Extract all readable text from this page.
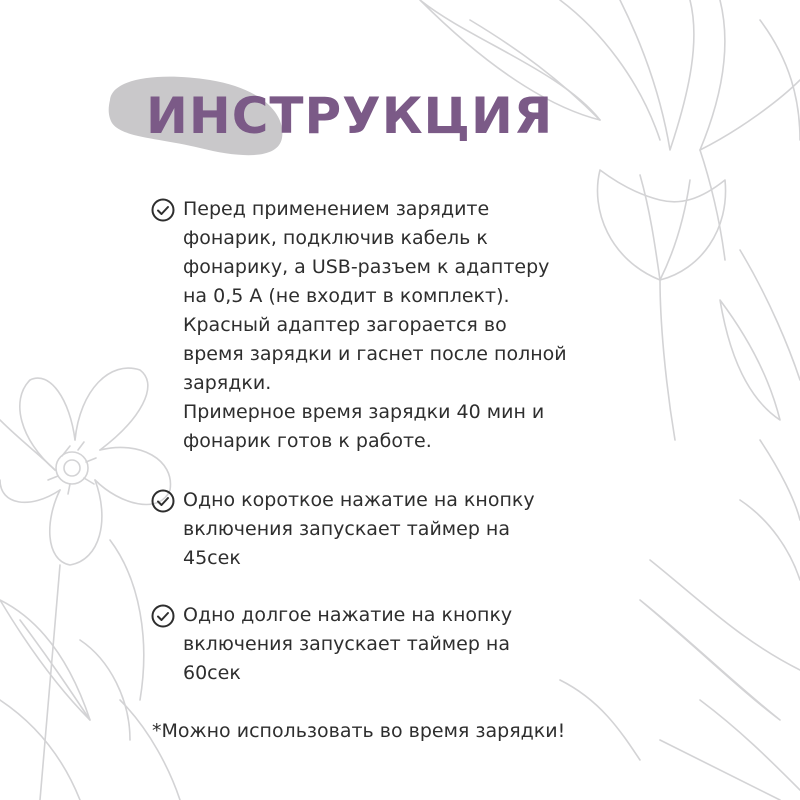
ИНСТРУКЦИЯ
Перед применением зарядите
фонарик, подключив кабель к
фонарику, а USB-разъем к адаптеру
на 0,5 А (не входит в комплект).
Красный адаптер загорается во
время зарядки и гаснет после полной
зарядки.
Примерное время зарядки 40 мин и
фонарик готов к работе.
Одно короткое нажатие на кнопку
включения запускает таймер на
45сек
Одно долгое нажатие на кнопку
включения запускает таймер на
60сек
*Можно использовать во время зарядки!
